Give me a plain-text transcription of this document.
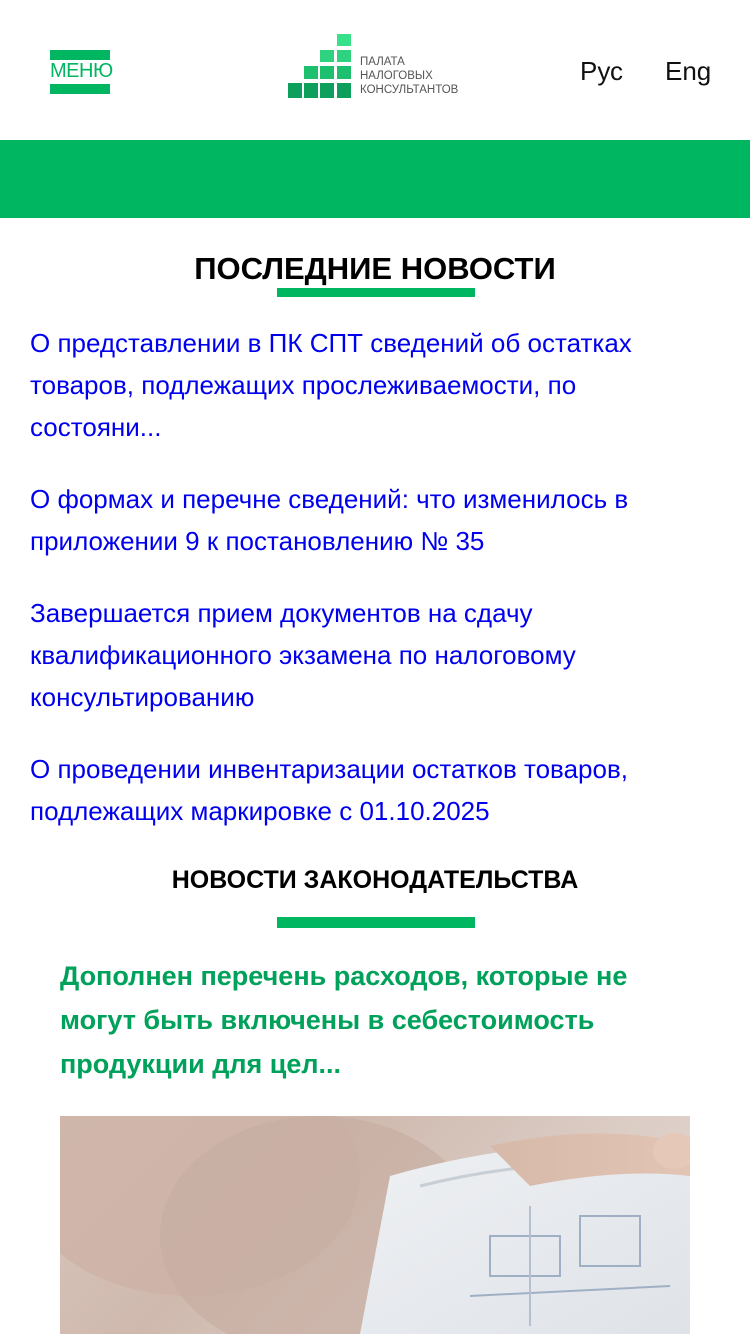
МЕНЮ	ПАЛАТА
НАЛОГОВЫХ
КОНСУЛЬТАНТОВ
Рус Eng
ПОСЛЕДНИЕ НОВОСТИ
О представлении в ПК СПТ сведений об остатках товаров, подлежащих прослеживаемости, по состояни...
О формах и перечне сведений: что изменилось в приложении 9 к постановлению № 35
Завершается прием документов на сдачу квалификационного экзамена по налоговому консультированию
О проведении инвентаризации остатков товаров, подлежащих маркировке с 01.10.2025
НОВОСТИ ЗАКОНОДАТЕЛЬСТВА
Дополнен перечень расходов, которые не могут быть включены в себестоимость продукции для цел...
